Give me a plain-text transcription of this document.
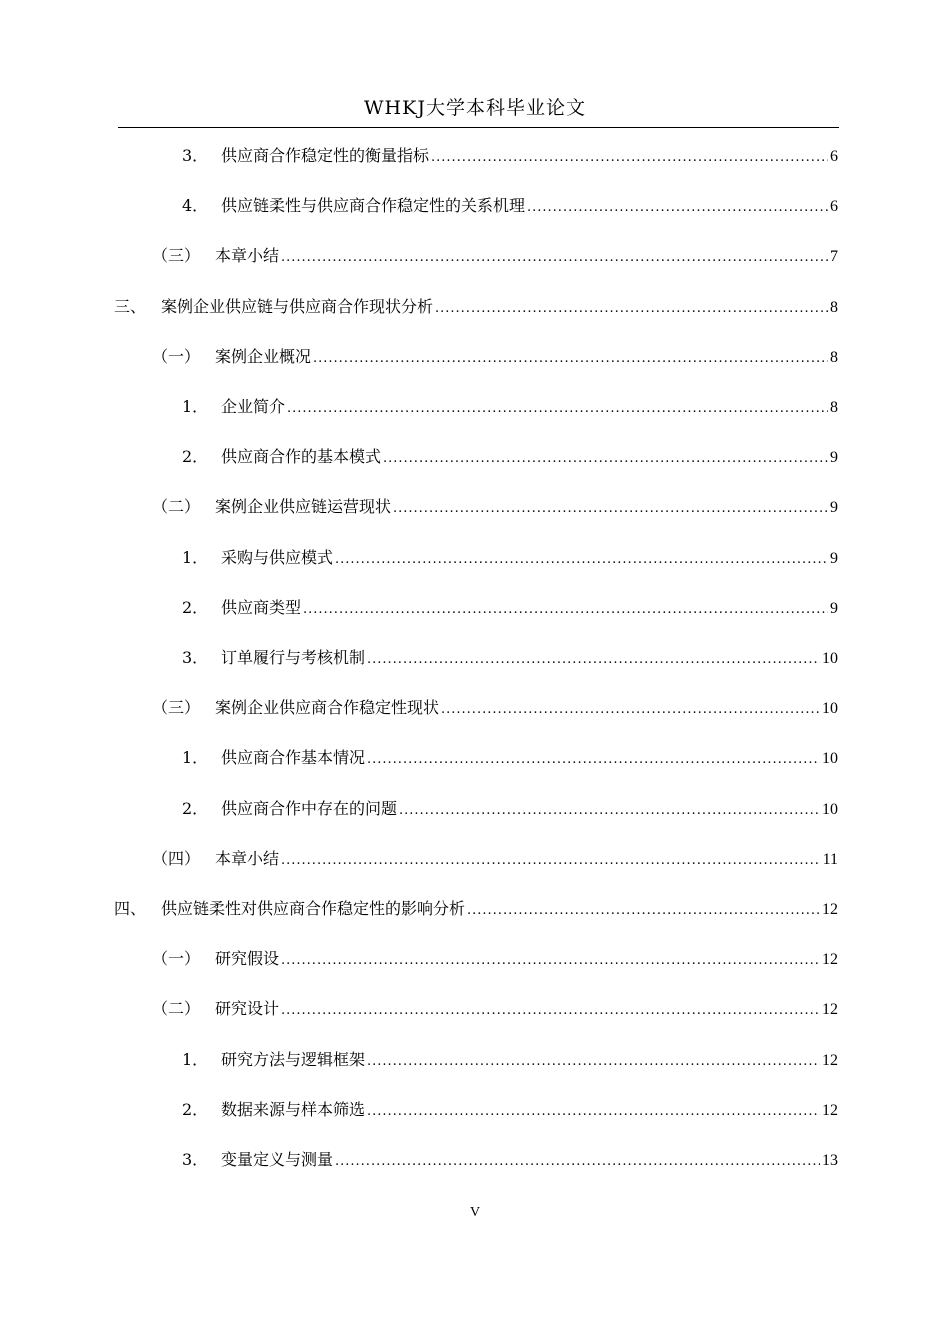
WHKJ大学本科毕业论文
3． 供应商合作稳定性的衡量指标 .....	6
4． 供应链柔性与供应商合作稳定性的关系机理 .....	6
（三） 本章小结 .....	7
三、 案例企业供应链与供应商合作现状分析 .....	8
（一） 案例企业概况 .....	8
1． 企业简介 .....	8
2． 供应商合作的基本模式 .....	9
（二） 案例企业供应链运营现状 .....	9
1． 采购与供应模式 .....	9
2． 供应商类型 .....	9
3． 订单履行与考核机制 .....	10
（三） 案例企业供应商合作稳定性现状 .....	10
1． 供应商合作基本情况 .....	10
2． 供应商合作中存在的问题 .....	10
（四） 本章小结 .....	11
四、 供应链柔性对供应商合作稳定性的影响分析 .....	12
（一） 研究假设 .....	12
（二） 研究设计 .....	12
1． 研究方法与逻辑框架 .....	12
2． 数据来源与样本筛选 .....	12
3． 变量定义与测量 .....	13
V
